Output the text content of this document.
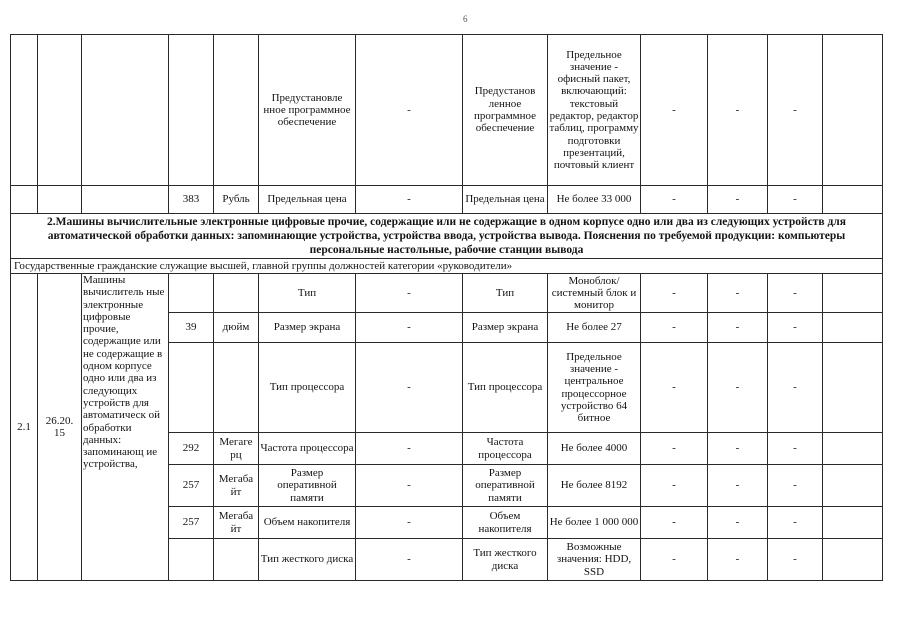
6
					Предустановле нное программное обеспечение	-	Предустанов ленное программное обеспечение	Предельное значение - офисный пакет, включающий: текстовый редактор, редактор таблиц, программу подготовки презентаций, почтовый клиент	-	-	-	
			383	Рубль	Предельная цена	-	Предельная цена	Не более 33 000	-	-	-	
2.Машины вычислительные электронные цифровые прочие, содержащие или не содержащие в одном корпусе одно или два из следующих устройств для автоматической обработки данных: запоминающие устройства, устройства ввода, устройства вывода. Пояснения по требуемой продукции: компьютеры персональные настольные, рабочие станции вывода												
Государственные гражданские служащие высшей, главной группы должностей категории «руководители»												
2.1	26.20. 15	Машины вычислитель ные электронные цифровые прочие, содержащие или не содержащие в одном корпусе одно или два из следующих устройств для автоматическ ой обработки данных: запоминающ ие устройства,			Тип	-	Тип	Моноблок/ системный блок и монитор	-	-	-	
			39	дюйм	Размер экрана	-	Размер экрана	Не более 27	-	-	-	
					Тип процессора	-	Тип процессора	Предельное значение - центральное процессорное устройство 64 битное	-	-	-	
			292	Мегаге рц	Частота процессора	-	Частота процессора	Не более 4000	-	-	-	
			257	Мегаба йт	Размер оперативной памяти	-	Размер оперативной памяти	Не более 8192	-	-	-	
			257	Мегаба йт	Объем накопителя	-	Объем накопителя	Не более 1 000 000	-	-	-	
					Тип жесткого диска	-	Тип жесткого диска	Возможные значения: HDD, SSD	-	-	-	
